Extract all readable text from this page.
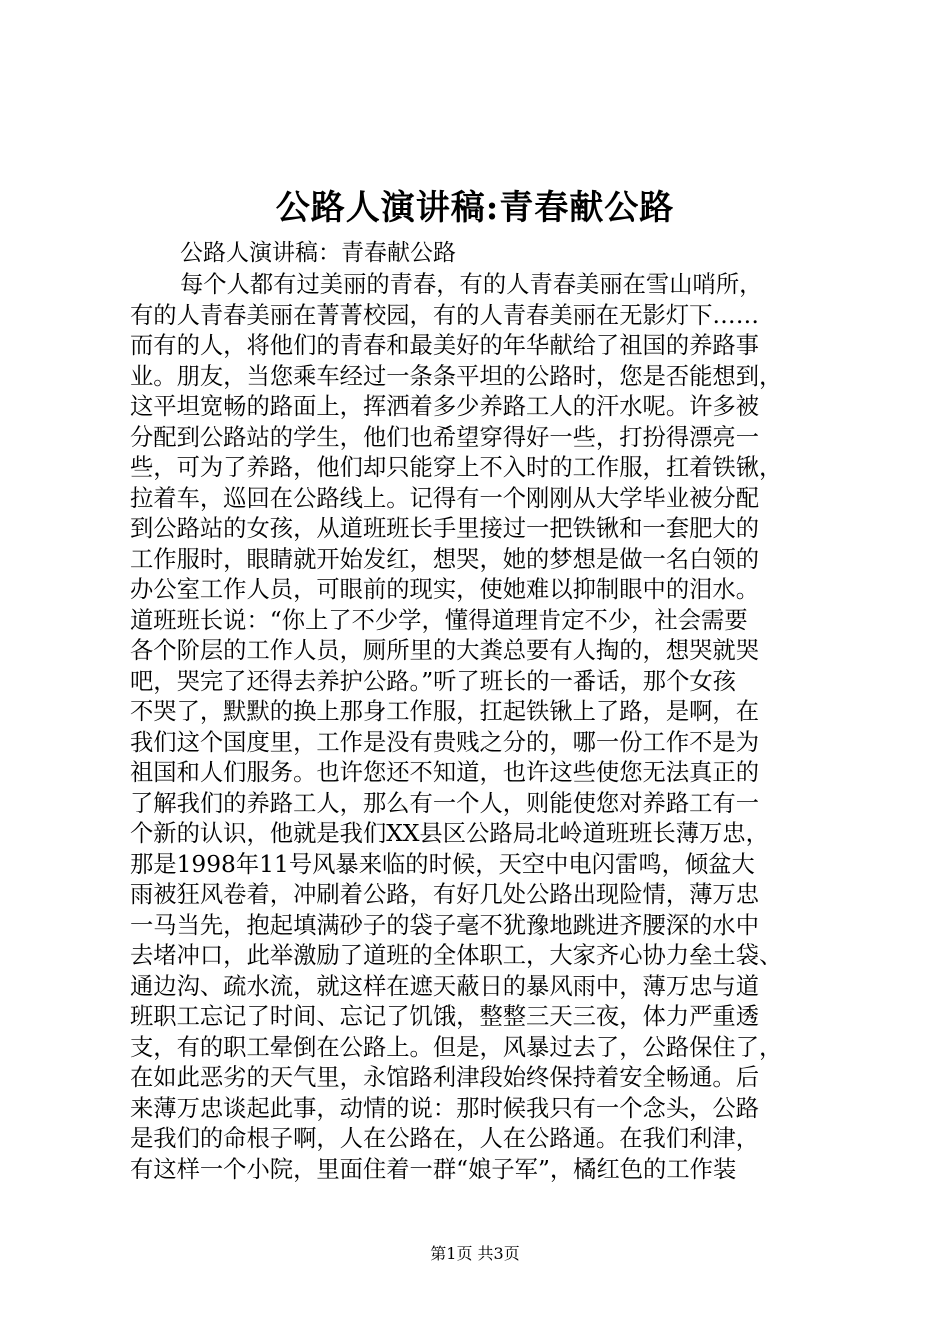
公路人演讲稿:青春献公路
公路人演讲稿：青春献公路
每个人都有过美丽的青春，有的人青春美丽在雪山哨所，
有的人青春美丽在菁菁校园，有的人青春美丽在无影灯下……
而有的人，将他们的青春和最美好的年华献给了祖国的养路事
业。朋友，当您乘车经过一条条平坦的公路时，您是否能想到，
这平坦宽畅的路面上，挥洒着多少养路工人的汗水呢。许多被
分配到公路站的学生，他们也希望穿得好一些，打扮得漂亮一
些，可为了养路，他们却只能穿上不入时的工作服，扛着铁锹，
拉着车，巡回在公路线上。记得有一个刚刚从大学毕业被分配
到公路站的女孩，从道班班长手里接过一把铁锹和一套肥大的
工作服时，眼睛就开始发红，想哭，她的梦想是做一名白领的
办公室工作人员，可眼前的现实，使她难以抑制眼中的泪水。
道班班长说：“你上了不少学，懂得道理肯定不少，社会需要
各个阶层的工作人员，厕所里的大粪总要有人掏的，想哭就哭
吧，哭完了还得去养护公路。”听了班长的一番话，那个女孩
不哭了，默默的换上那身工作服，扛起铁锹上了路，是啊，在
我们这个国度里，工作是没有贵贱之分的，哪一份工作不是为
祖国和人们服务。也许您还不知道，也许这些使您无法真正的
了解我们的养路工人，那么有一个人，则能使您对养路工有一
个新的认识，他就是我们XX县区公路局北岭道班班长薄万忠，
那是1998年11号风暴来临的时候，天空中电闪雷鸣，倾盆大
雨被狂风卷着，冲刷着公路，有好几处公路出现险情，薄万忠
一马当先，抱起填满砂子的袋子毫不犹豫地跳进齐腰深的水中
去堵冲口，此举激励了道班的全体职工，大家齐心协力垒土袋、
通边沟、疏水流，就这样在遮天蔽日的暴风雨中，薄万忠与道
班职工忘记了时间、忘记了饥饿，整整三天三夜，体力严重透
支，有的职工晕倒在公路上。但是，风暴过去了，公路保住了，
在如此恶劣的天气里，永馆路利津段始终保持着安全畅通。后
来薄万忠谈起此事，动情的说：那时候我只有一个念头，公路
是我们的命根子啊，人在公路在，人在公路通。在我们利津，
有这样一个小院，里面住着一群“娘子军”，橘红色的工作装
第1页 共3页
